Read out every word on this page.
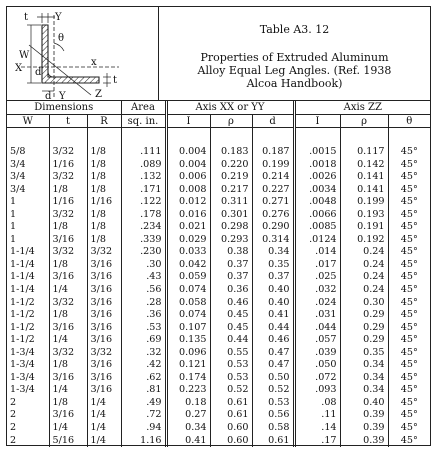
t	Y
θ
W
d
X
x
t
d Y	Z
Table A3. 12
Properties of Extruded Aluminum
Alloy Equal Leg Angles. (Ref. 1938
Alcoa Handbook)
Dimensions			Area	Axis XX or YY			Axis ZZ		
W	t	R	sq. in.	I	ρ	d	I	ρ	θ

5/8	3/32	1/8	.111	0.004	0.183	0.187	.0015	0.117	45°
3/4	1/16	1/8	.089	0.004	0.220	0.199	.0018	0.142	45°
3/4	3/32	1/8	.132	0.006	0.219	0.214	.0026	0.141	45°
3/4	1/8	1/8	.171	0.008	0.217	0.227	.0034	0.141	45°
1	1/16	1/16	.122	0.012	0.311	0.271	.0048	0.199	45°
1	3/32	1/8	.178	0.016	0.301	0.276	.0066	0.193	45°
1	1/8	1/8	.234	0.021	0.298	0.290	.0085	0.191	45°
1	3/16	1/8	.339	0.029	0.293	0.314	.0124	0.192	45°
1-1/4	3/32	3/32	.230	0.033	0.38	0.34	.014	0.24	45°
1-1/4	1/8	3/16	.30	0.042	0.37	0.35	.017	0.24	45°
1-1/4	3/16	3/16	.43	0.059	0.37	0.37	.025	0.24	45°
1-1/4	1/4	3/16	.56	0.074	0.36	0.40	.032	0.24	45°
1-1/2	3/32	3/16	.28	0.058	0.46	0.40	.024	0.30	45°
1-1/2	1/8	3/16	.36	0.074	0.45	0.41	.031	0.29	45°
1-1/2	3/16	3/16	.53	0.107	0.45	0.44	.044	0.29	45°
1-1/2	1/4	3/16	.69	0.135	0.44	0.46	.057	0.29	45°
1-3/4	3/32	3/32	.32	0.096	0.55	0.47	.039	0.35	45°
1-3/4	1/8	3/16	.42	0.121	0.53	0.47	.050	0.34	45°
1-3/4	3/16	3/16	.62	0.174	0.53	0.50	.072	0.34	45°
1-3/4	1/4	3/16	.81	0.223	0.52	0.52	.093	0.34	45°
2	1/8	1/4	.49	0.18	0.61	0.53	.08	0.40	45°
2	3/16	1/4	.72	0.27	0.61	0.56	.11	0.39	45°
2	1/4	1/4	.94	0.34	0.60	0.58	.14	0.39	45°
2	5/16	1/4	1.16	0.41	0.60	0.61	.17	0.39	45°
